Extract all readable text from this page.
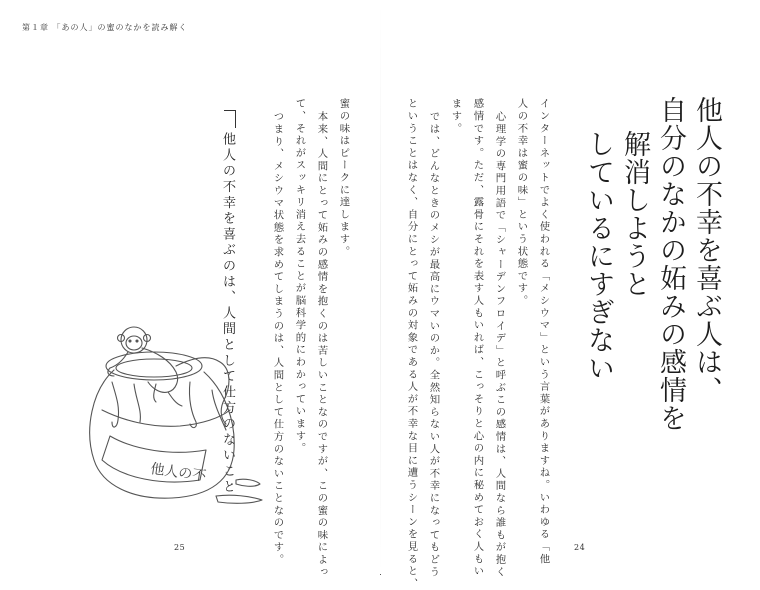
第１章 「あの人」の蜜のなかを読み解く

他人の不幸を喜ぶ人は、

自分のなかの妬みの感情を

解消しようと

しているにすぎない

インターネットでよく使われる「メシウマ」という言葉がありますね。いわゆる「他

人の不幸は蜜の味」という状態です。

心理学の専門用語で「シャーデンフロイデ」と呼ぶこの感情は、人間なら誰もが抱く

感情です。ただ、露骨にそれを表す人もいれば、こっそりと心の内に秘めておく人もい

ます。

では、どんなときのメシが最高にウマいのか。全然知らない人が不幸になってもどう

ということはなく、自分にとって妬みの対象である人が不幸な目に遭うシーンを見ると、	24

蜜の味はピークに達します。

本来、人間にとって妬みの感情を抱くのは苦しいことなのですが、この蜜の味によっ

て、それがスッキリ消え去ることが脳科学的にわかっています。

つまり、メシウマ状態を求めてしまうのは、人間として仕方のないことなのです。

他人の不幸を喜ぶのは、人間として仕方のないこと

他人の不
25
